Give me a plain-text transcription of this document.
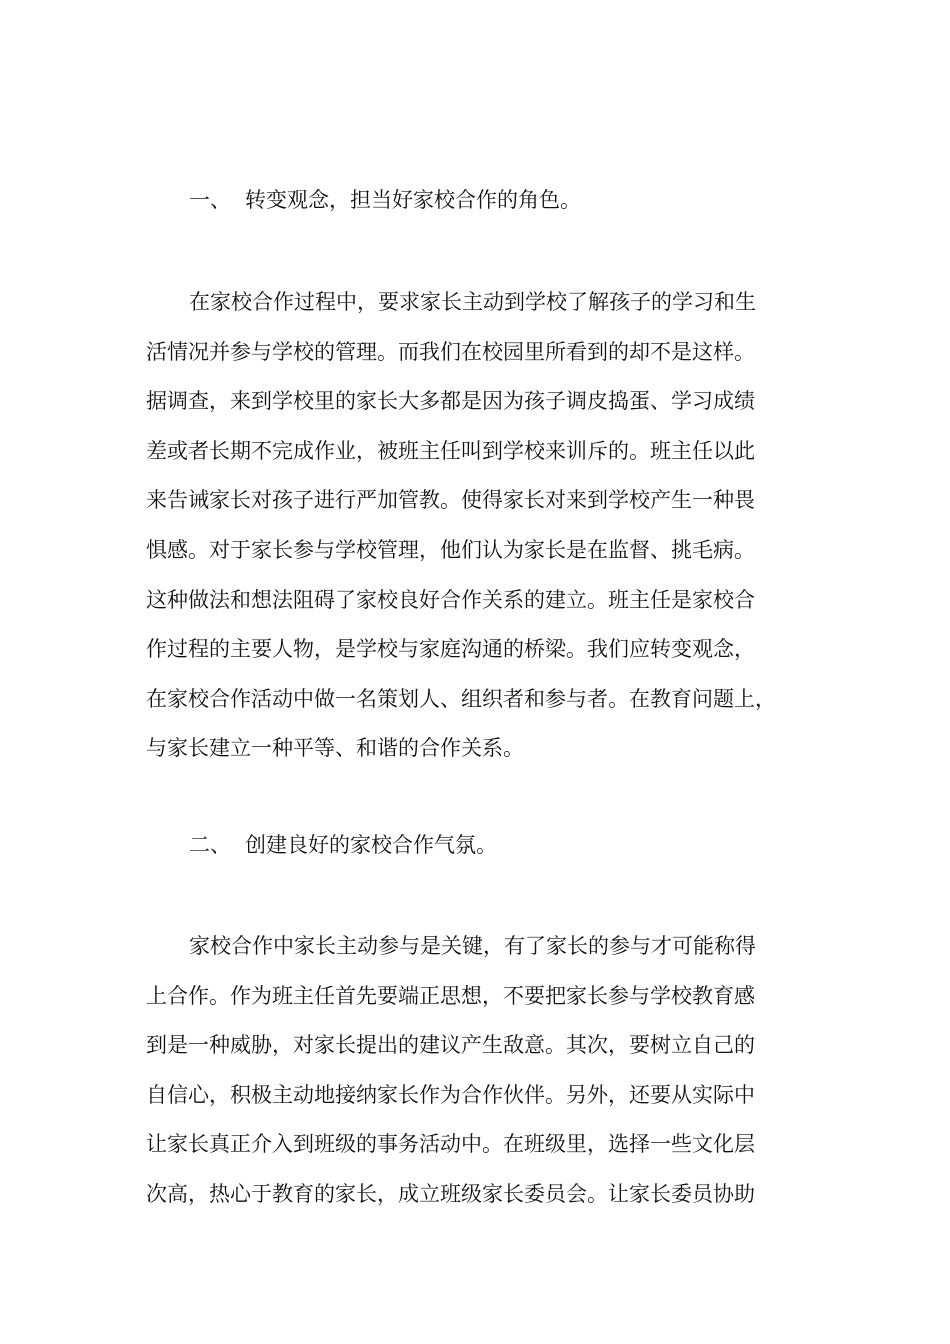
一、 转变观念，担当好家校合作的角色。
在家校合作过程中，要求家长主动到学校了解孩子的学习和生
活情况并参与学校的管理。而我们在校园里所看到的却不是这样。
据调查，来到学校里的家长大多都是因为孩子调皮捣蛋、学习成绩
差或者长期不完成作业，被班主任叫到学校来训斥的。班主任以此
来告诫家长对孩子进行严加管教。使得家长对来到学校产生一种畏
惧感。对于家长参与学校管理，他们认为家长是在监督、挑毛病。
这种做法和想法阻碍了家校良好合作关系的建立。班主任是家校合
作过程的主要人物，是学校与家庭沟通的桥梁。我们应转变观念，
在家校合作活动中做一名策划人、组织者和参与者。在教育问题上，
与家长建立一种平等、和谐的合作关系。
二、 创建良好的家校合作气氛。
家校合作中家长主动参与是关键，有了家长的参与才可能称得
上合作。作为班主任首先要端正思想，不要把家长参与学校教育感
到是一种威胁，对家长提出的建议产生敌意。其次，要树立自己的
自信心，积极主动地接纳家长作为合作伙伴。另外，还要从实际中
让家长真正介入到班级的事务活动中。在班级里，选择一些文化层
次高，热心于教育的家长，成立班级家长委员会。让家长委员协助
